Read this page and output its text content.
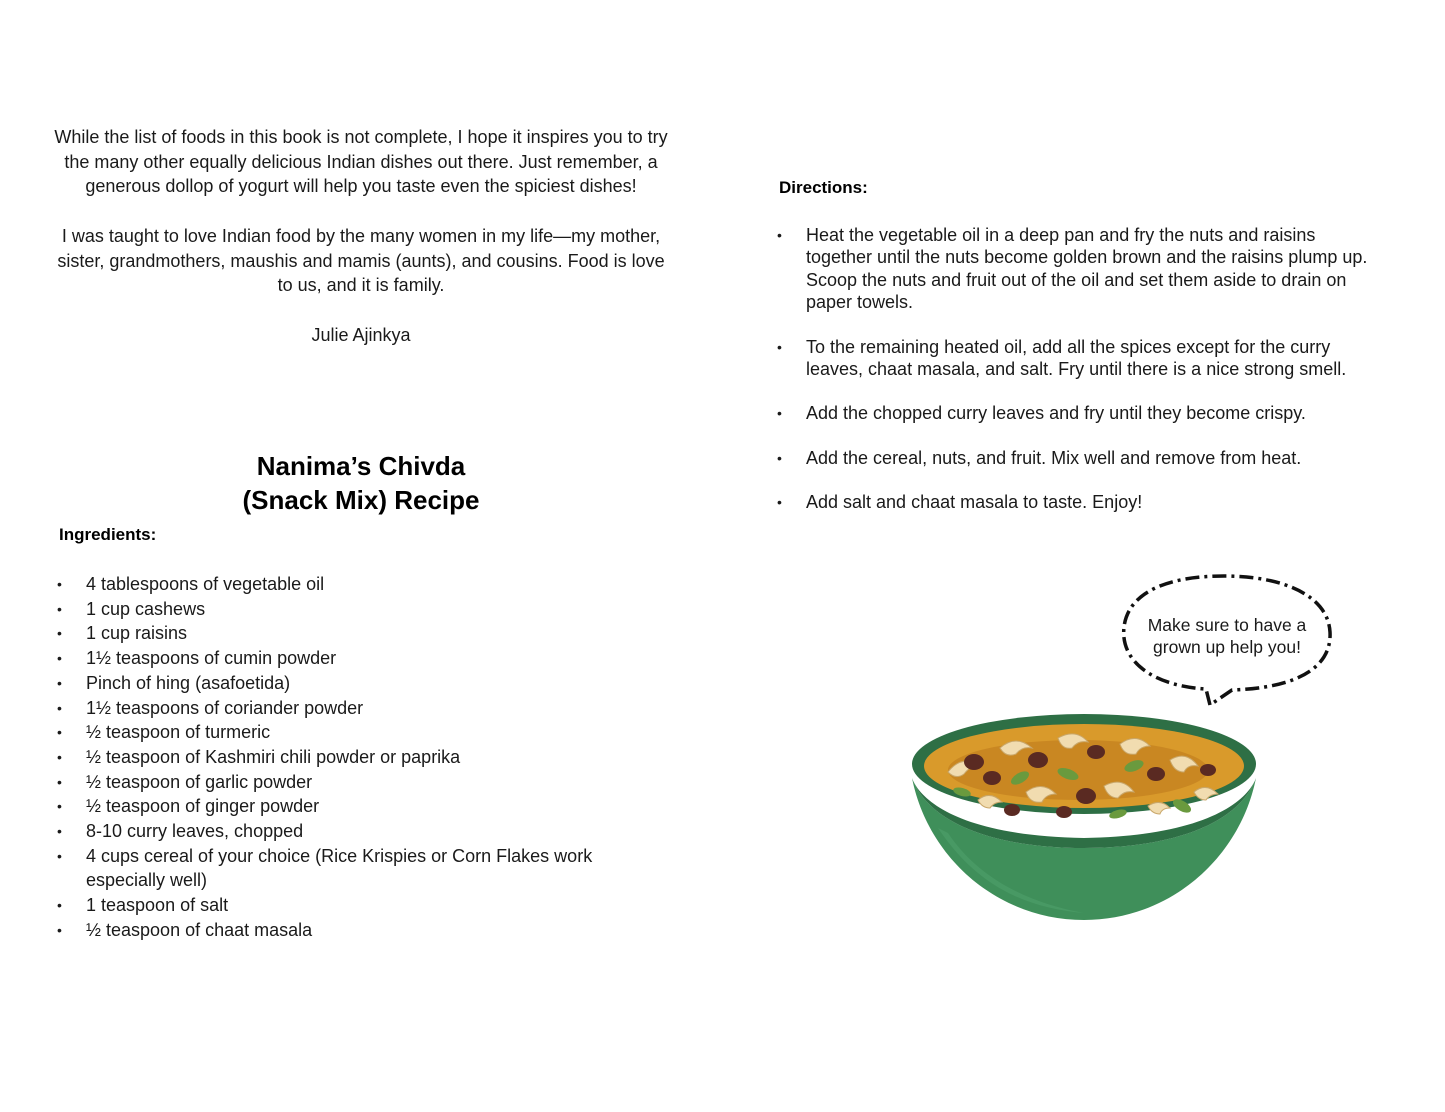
While the list of foods in this book is not complete, I hope it inspires you to try the many other equally delicious Indian dishes out there. Just remember, a generous dollop of yogurt will help you taste even the spiciest dishes!

I was taught to love Indian food by the many women in my life—my mother, sister, grandmothers, maushis and mamis (aunts), and cousins. Food is love to us, and it is family.

Julie Ajinkya

Nanima’s Chivda
(Snack Mix) Recipe
Ingredients:
• 4 tablespoons of vegetable oil
• 1 cup cashews
• 1 cup raisins
• 1½ teaspoons of cumin powder
• Pinch of hing (asafoetida)
• 1½ teaspoons of coriander powder
• ½ teaspoon of turmeric
• ½ teaspoon of Kashmiri chili powder or paprika
• ½ teaspoon of garlic powder
• ½ teaspoon of ginger powder
• 8-10 curry leaves, chopped
• 4 cups cereal of your choice (Rice Krispies or Corn Flakes work especially well)
• 1 teaspoon of salt
• ½ teaspoon of chaat masala
Directions:
• Heat the vegetable oil in a deep pan and fry the nuts and raisins together until the nuts become golden brown and the raisins plump up. Scoop the nuts and fruit out of the oil and set them aside to drain on paper towels.
• To the remaining heated oil, add all the spices except for the curry leaves, chaat masala, and salt. Fry until there is a nice strong smell.
• Add the chopped curry leaves and fry until they become crispy.
• Add the cereal, nuts, and fruit. Mix well and remove from heat.
• Add salt and chaat masala to taste. Enjoy!

Make sure to have a grown up help you!
